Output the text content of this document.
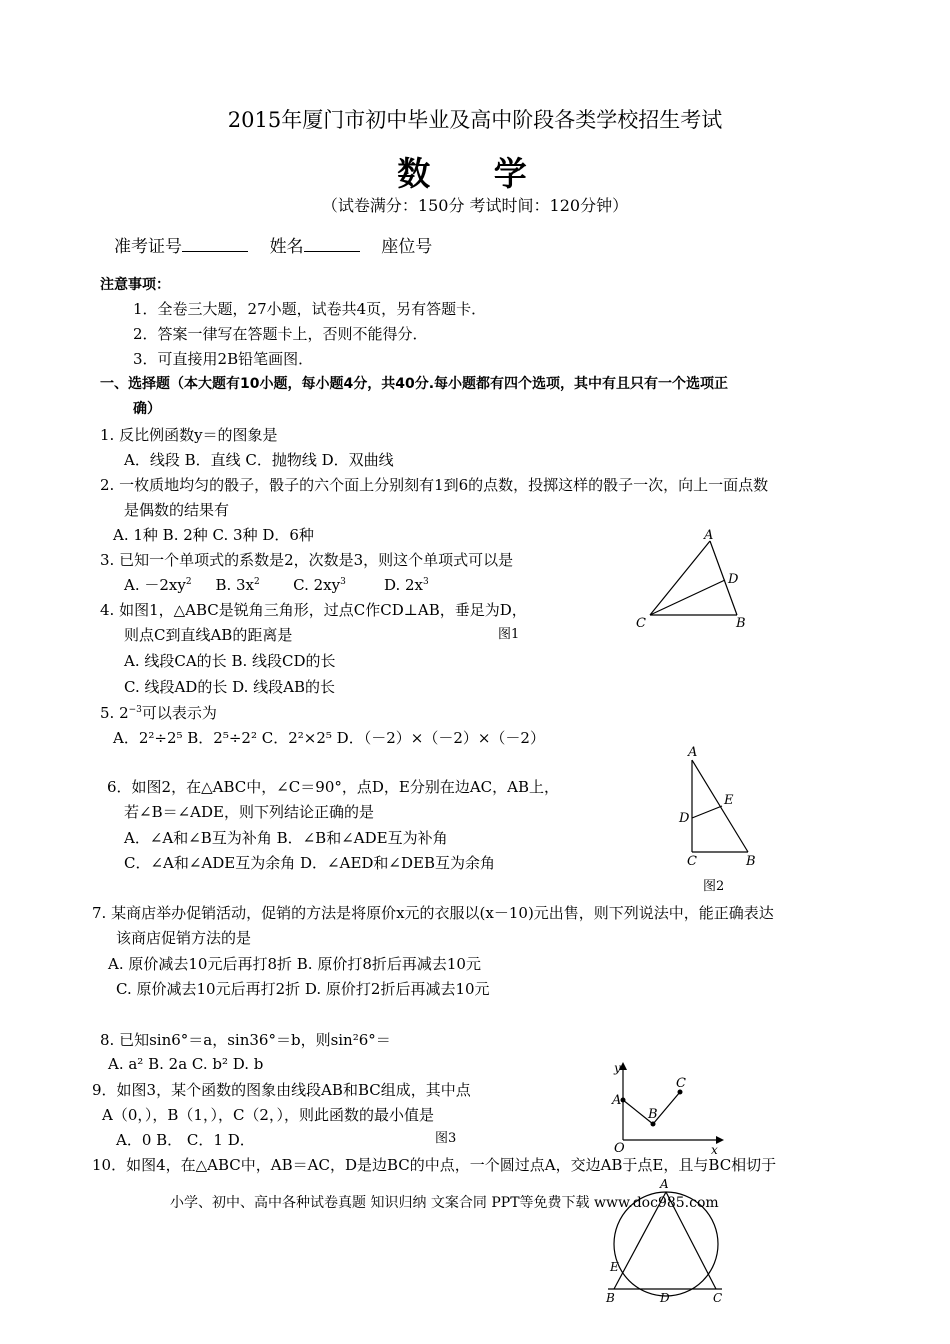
2015年厦门市初中毕业及高中阶段各类学校招生考试
数 学
（试卷满分：150分 考试时间：120分钟）
准考证号	姓名	座位号
注意事项：
1．全卷三大题，27小题，试卷共4页，另有答题卡．
2．答案一律写在答题卡上，否则不能得分．
3．可直接用2B铅笔画图．
一、选择题（本大题有10小题，每小题4分，共40分.每小题都有四个选项，其中有且只有一个选项正
确）
1. 反比例函数y＝的图象是
A．线段 B．直线 C．抛物线 D．双曲线
2. 一枚质地均匀的骰子，骰子的六个面上分别刻有1到6的点数，投掷这样的骰子一次，向上一面点数
是偶数的结果有
A. 1种 B. 2种 C. 3种 D．6种
3. 已知一个单项式的系数是2，次数是3，则这个单项式可以是
A. $-2xy^2$ B. $3x^2$ C. $2xy^3$	D. $2x^3$
4. 如图1，△ABC是锐角三角形，过点C作CD⊥AB，垂足为D，
则点C到直线AB的距离是
A. 线段CA的长 B. 线段CD的长
C. 线段AD的长 D. 线段AB的长
A
D
C	B
图1
5. $2^{-3}$可以表示为
A．2²÷2⁵ B．2⁵÷2² C．2²×2⁵ D．（－2）×（－2）×（－2）
6．如图2，在△ABC中，∠C＝90°，点D，E分别在边AC，AB上，
若∠B＝∠ADE，则下列结论正确的是
A．∠A和∠B互为补角 B．∠B和∠ADE互为补角
C．∠A和∠ADE互为余角 D．∠AED和∠DEB互为余角
A
E
D
C	B
图2
7. 某商店举办促销活动，促销的方法是将原价x元的衣服以(x－10)元出售，则下列说法中，能正确表达
该商店促销方法的是
A. 原价减去10元后再打8折 B. 原价打8折后再减去10元
C. 原价减去10元后再打2折 D. 原价打2折后再减去10元
8. 已知sin6°＝a，sin36°＝b，则sin²6°＝
A. a² B. 2a C. b² D. b
9．如图3，某个函数的图象由线段AB和BC组成，其中点
A（0，），B（1，），C（2，），则此函数的最小值是
A．0 B． C．1 D．
y
A
B
C
O	x
图3
10．如图4，在△ABC中，AB＝AC，D是边BC的中点，一个圆过点A，交边AB于点E，且与BC相切于
A
E
B	D	C
小学、初中、高中各种试卷真题 知识归纳 文案合同 PPT等免费下载 www.doc985.com
